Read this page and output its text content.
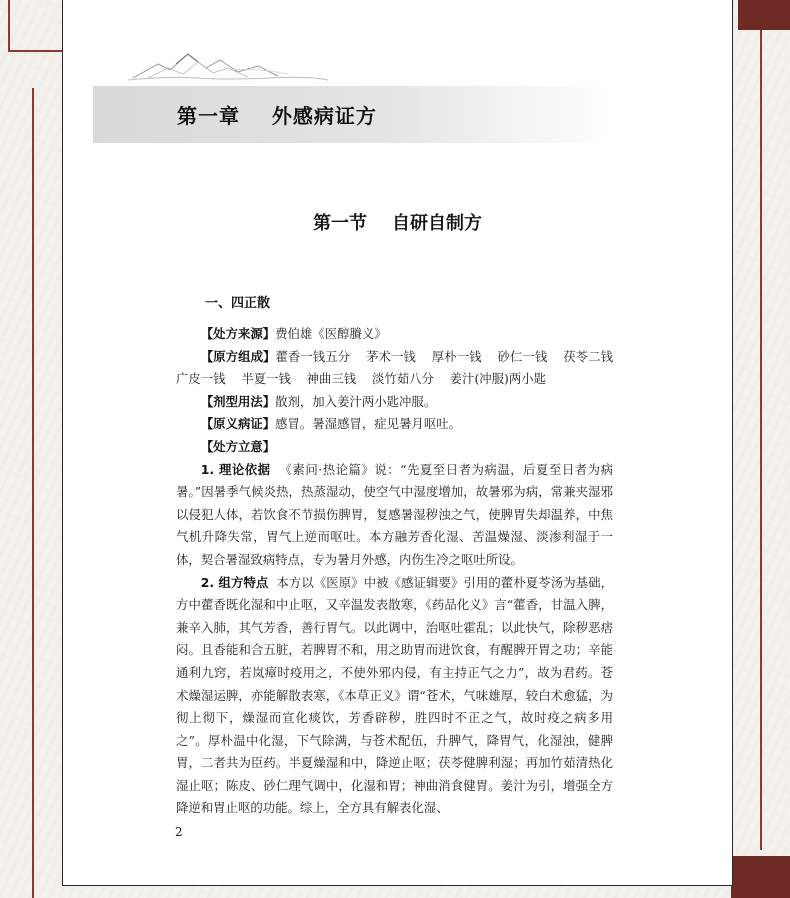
第一章    外感病证方
第一节    自研自制方
一、四正散

【处方来源】费伯雄《医醇賸义》

【原方组成】藿香一钱五分    茅术一钱    厚朴一钱    砂仁一钱    茯苓二钱    广皮一钱    半夏一钱    神曲三钱    淡竹茹八分    姜汁(冲服)两小匙

【剂型用法】散剂，加入姜汁两小匙冲服。

【原义病证】感冒。暑湿感冒，症见暑月呕吐。

【处方立意】

1. 理论依据 《素问·热论篇》说：“先夏至日者为病温，后夏至日者为病暑。”因暑季气候炎热，热蒸湿动，使空气中湿度增加，故暑邪为病，常兼夹湿邪以侵犯人体，若饮食不节损伤脾胃，复感暑湿秽浊之气，使脾胃失却温养，中焦气机升降失常，胃气上逆而呕吐。本方融芳香化湿、苦温燥湿、淡渗利湿于一体，契合暑湿致病特点，专为暑月外感，内伤生冷之呕吐所设。

2. 组方特点 本方以《医原》中被《感证辑要》引用的藿朴夏苓汤为基础，方中藿香既化湿和中止呕，又辛温发表散寒，《药品化义》言“藿香，甘温入脾，兼辛入肺，其气芳香，善行胃气。以此调中，治呕吐霍乱；以此快气，除秽恶痞闷。且香能和合五脏，若脾胃不和，用之助胃而进饮食，有醒脾开胃之功；辛能通利九窍，若岚瘴时疫用之，不使外邪内侵，有主持正气之力”，故为君药。苍术燥湿运脾，亦能解散表寒，《本草正义》谓“苍术，气味雄厚，较白术愈猛，为彻上彻下，燥湿而宣化痰饮，芳香辟秽，胜四时不正之气，故时疫之病多用之”。厚朴温中化湿，下气除满，与苍术配伍，升脾气，降胃气，化湿浊，健脾胃，二者共为臣药。半夏燥湿和中，降逆止呕；茯苓健脾利湿；再加竹茹清热化湿止呕；陈皮、砂仁理气调中，化湿和胃；神曲消食健胃。姜汁为引，增强全方降逆和胃止呕的功能。综上，全方具有解表化湿、

2
